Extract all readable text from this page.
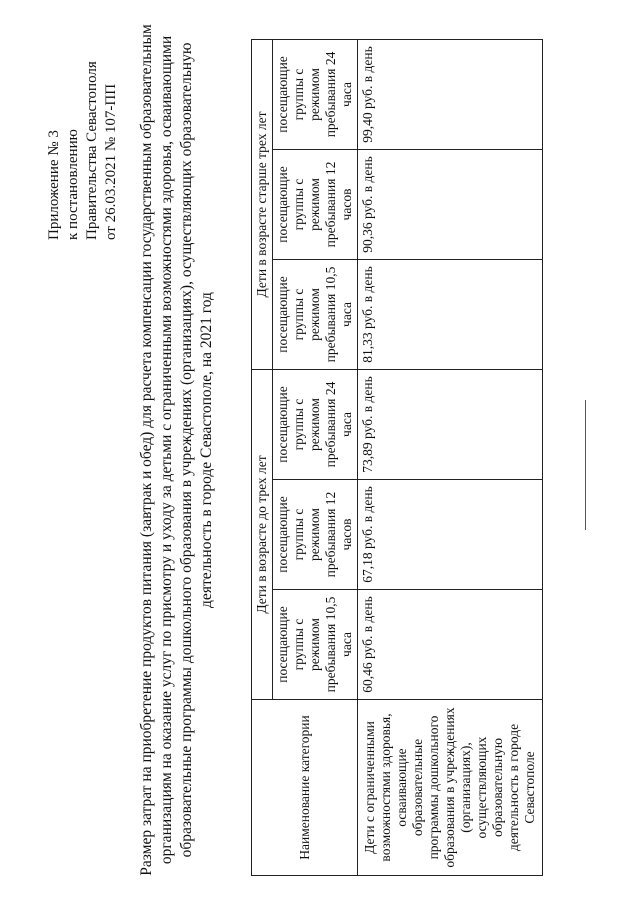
Приложение № 3 к постановлению Правительства Севастополя от 26.03.2021 № 107-ПП Размер затрат на приобретение продуктов питания (завтрак и обед) для расчета компенсации государственным образовательным организациям на оказание услуг по присмотру и уходу за детьми с ограниченными возможностями здоровья, осваивающими образовательные программы дошкольного образования в учреждениях (организациях), осуществляющих образовательную деятельность в городе Севастополе, на 2021 год

Наименование категории	Дети в возрасте до трех лет			Дети в возрасте старше трех лет		
	посещающие группы с режимом пребывания 10,5 часа	посещающие группы с режимом пребывания 12 часов	посещающие группы с режимом пребывания 24 часа	посещающие группы с режимом пребывания 10,5 часа	посещающие группы с режимом пребывания 12 часов	посещающие группы с режимом пребывания 24 часа
Дети с ограниченными возможностями здоровья, осваивающие образовательные программы дошкольного образования в учреждениях (организациях), осуществляющих образовательную деятельность в городе Севастополе	60,46 руб. в день	67,18 руб. в день	73,89 руб. в день	81,33 руб. в день	90,36 руб. в день	99,40 руб. в день
